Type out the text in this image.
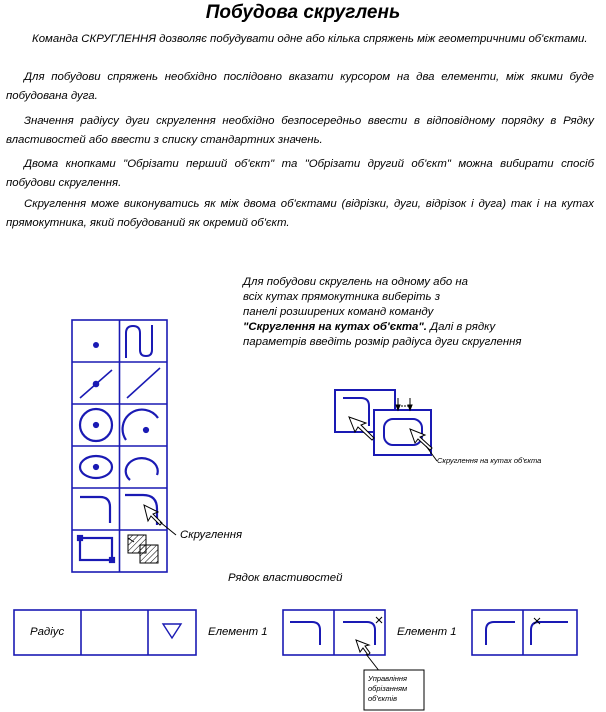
Побудова скруглень
Команда СКРУГЛЕННЯ дозволяє побудувати одне або кілька спряжень між геометричними об'єктами.
Для побудови спряжень необхідно послідовно вказати курсором на два елементи, між якими буде побудована дуга.
Значення радіусу дуги скруглення необхідно безпосередньо ввести в відповідному порядку в Рядку властивостей або ввести з списку стандартних значень.
Двома кнопками "Обрізати перший об'єкт" та "Обрізати другий об'єкт" можна вибирати спосіб побудови скруглення.
Скруглення може виконуватись як між двома об'єктами (відрізки, дуги, відрізок і дуга) так і на кутах прямокутника, який побудований як окремий об'єкт.
Для побудови скруглень на одному або на
всіх кутах прямокутника виберіть з
панелі розширених команд команду
"Скруглення на кутах об'єкта". Далі в рядку
параметрів введіть розмір радіуса дуги скруглення
Скруглення
Скруглення на кутах об'єкта
Рядок властивостей
Радіус	Елемент 1	Елемент 1
Управління
обрізанням
об'єктів
